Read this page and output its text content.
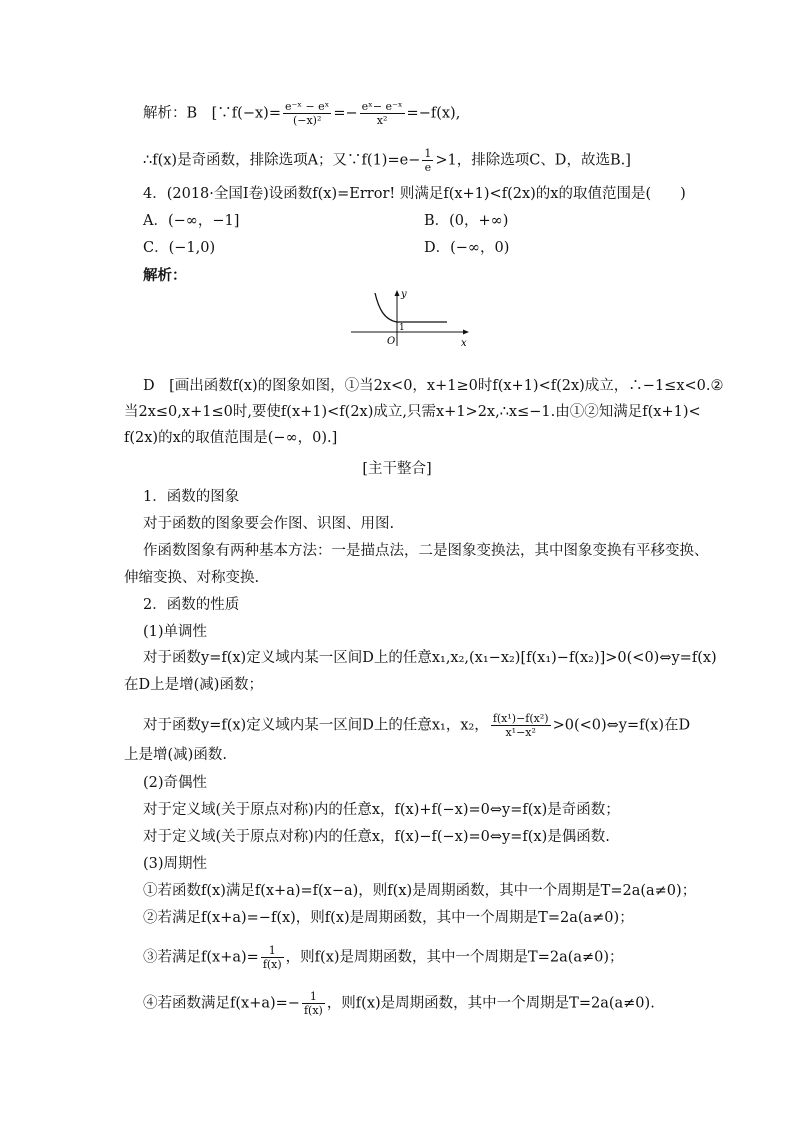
解析：B　[∵f(−x)= $\frac{\text{e⁻ˣ − eˣ}}{\text{(−x)²}} =- \frac{\text{eˣ− e⁻ˣ}}{\text{x²}} =-f(x)$,
∴f(x)是奇函数，排除选项A；又∵f(1)=e− $\frac{1}{e} >1$，排除选项C、D，故选B.]
4．(2018·全国Ⅰ卷)设函数f(x)=Error! 则满足f(x+1)<f(2x)的x的取值范围是(　　)
A．(−∞，−1]	B．(0，+∞)
C．(−1,0)	D．(−∞，0)
解析：
y
x
O
1
D　[画出函数f(x)的图象如图，①当2x<0，x+1≥0时f(x+1)<f(2x)成立，∴−1≤x<0.②
当2x≤0,x+1≤0时,要使f(x+1)<f(2x)成立,只需x+1>2x,∴x≤−1.由①②知满足f(x+1)<
f(2x)的x的取值范围是(−∞，0).]
[主干整合]
1．函数的图象
对于函数的图象要会作图、识图、用图.
作函数图象有两种基本方法：一是描点法，二是图象变换法，其中图象变换有平移变换、
伸缩变换、对称变换.
2．函数的性质
(1)单调性
对于函数y=f(x)定义域内某一区间D上的任意x₁,x₂,(x₁−x₂)[f(x₁)−f(x₂)]>0(<0)⇔y=f(x)
在D上是增(减)函数；
对于函数y=f(x)定义域内某一区间D上的任意x₁，x₂， $\frac{\text{f(x¹)−f(x²)}}{\text{x¹−x²}}$ >0(<0)⇔y=f(x)在D
上是增(减)函数.
(2)奇偶性
对于定义域(关于原点对称)内的任意x，f(x)+f(−x)=0⇔y=f(x)是奇函数；
对于定义域(关于原点对称)内的任意x，f(x)−f(−x)=0⇔y=f(x)是偶函数.
(3)周期性
①若函数f(x)满足f(x+a)=f(x−a)，则f(x)是周期函数，其中一个周期是T=2a(a≠0)；
②若满足f(x+a)=−f(x)，则f(x)是周期函数，其中一个周期是T=2a(a≠0)；
③若满足$f(x+a)= \frac{1}{f(x)}$ ，则f(x)是周期函数，其中一个周期是T=2a(a≠0)；
④若函数满足$f(x+a)=- \frac{1}{f(x)}$ ，则f(x)是周期函数，其中一个周期是T=2a(a≠0).
